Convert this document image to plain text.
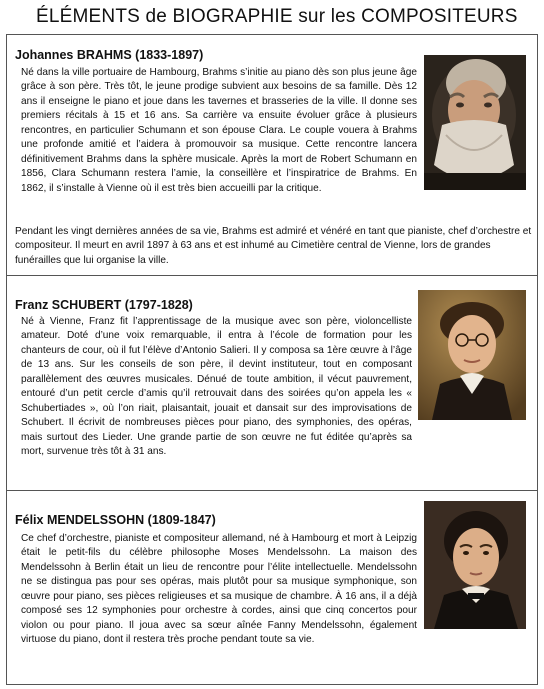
ÉLÉMENTS de BIOGRAPHIE sur les COMPOSITEURS
Johannes BRAHMS (1833-1897)
Né dans la ville portuaire de Hambourg, Brahms s’initie au piano dès son plus jeune âge grâce à son père. Très tôt, le jeune prodige subvient aux besoins de sa famille. Dès 12 ans il enseigne le piano et joue dans les tavernes et brasseries de la ville. Il donne ses premiers récitals à 15 et 16 ans. Sa carrière va ensuite évoluer grâce à plusieurs rencontres, en particulier Schumann et son épouse Clara. Le couple vouera à Brahms une profonde amitié et l’aidera à promouvoir sa musique. Cette rencontre lancera définitivement Brahms dans la sphère musicale. Après la mort de Robert Schumann en 1856, Clara Schumann restera l’amie, la conseillère et l’inspiratrice de Brahms. En 1862, il s’installe à Vienne où il est très bien accueilli par la critique.
Pendant les vingt dernières années de sa vie, Brahms est admiré et vénéré en tant que pianiste, chef d’orchestre et compositeur. Il meurt en avril 1897 à 63 ans et est inhumé au Cimetière central de Vienne, lors de grandes funérailles que lui organise la ville.
Franz SCHUBERT (1797-1828)
Né à Vienne, Franz fit l’apprentissage de la musique avec son père, violoncelliste amateur. Doté d’une voix remarquable, il entra à l’école de formation pour les chanteurs de cour, où il fut l’élève d’Antonio Salieri. Il y composa sa 1ère œuvre à l’âge de 13 ans. Sur les conseils de son père, il devint instituteur, tout en composant parallèlement des œuvres musicales. Dénué de toute ambition, il vécut pauvrement, entouré d’un petit cercle d’amis qu’il retrouvait dans des soirées qu’on appela les « Schubertiades », où l’on riait, plaisantait, jouait et dansait sur des improvisations de Schubert. Il écrivit de nombreuses pièces pour piano, des symphonies, des opéras, mais surtout des Lieder. Une grande partie de son œuvre ne fut éditée qu’après sa mort, survenue très tôt à 31 ans.
Félix MENDELSSOHN (1809-1847)
Ce chef d’orchestre, pianiste et compositeur allemand, né à Hambourg et mort à Leipzig était le petit-fils du célèbre philosophe Moses Mendelssohn. La maison des Mendelssohn à Berlin était un lieu de rencontre pour l’élite intellectuelle. Mendelssohn ne se distingua pas pour ses opéras, mais plutôt pour sa musique symphonique, son œuvre pour piano, ses pièces religieuses et sa musique de chambre. À 16 ans, il a déjà composé ses 12 symphonies pour orchestre à cordes, ainsi que cinq concertos pour violon ou pour piano. Il joua avec sa sœur aînée Fanny Mendelssohn, également virtuose du piano, dont il restera très proche pendant toute sa vie.
